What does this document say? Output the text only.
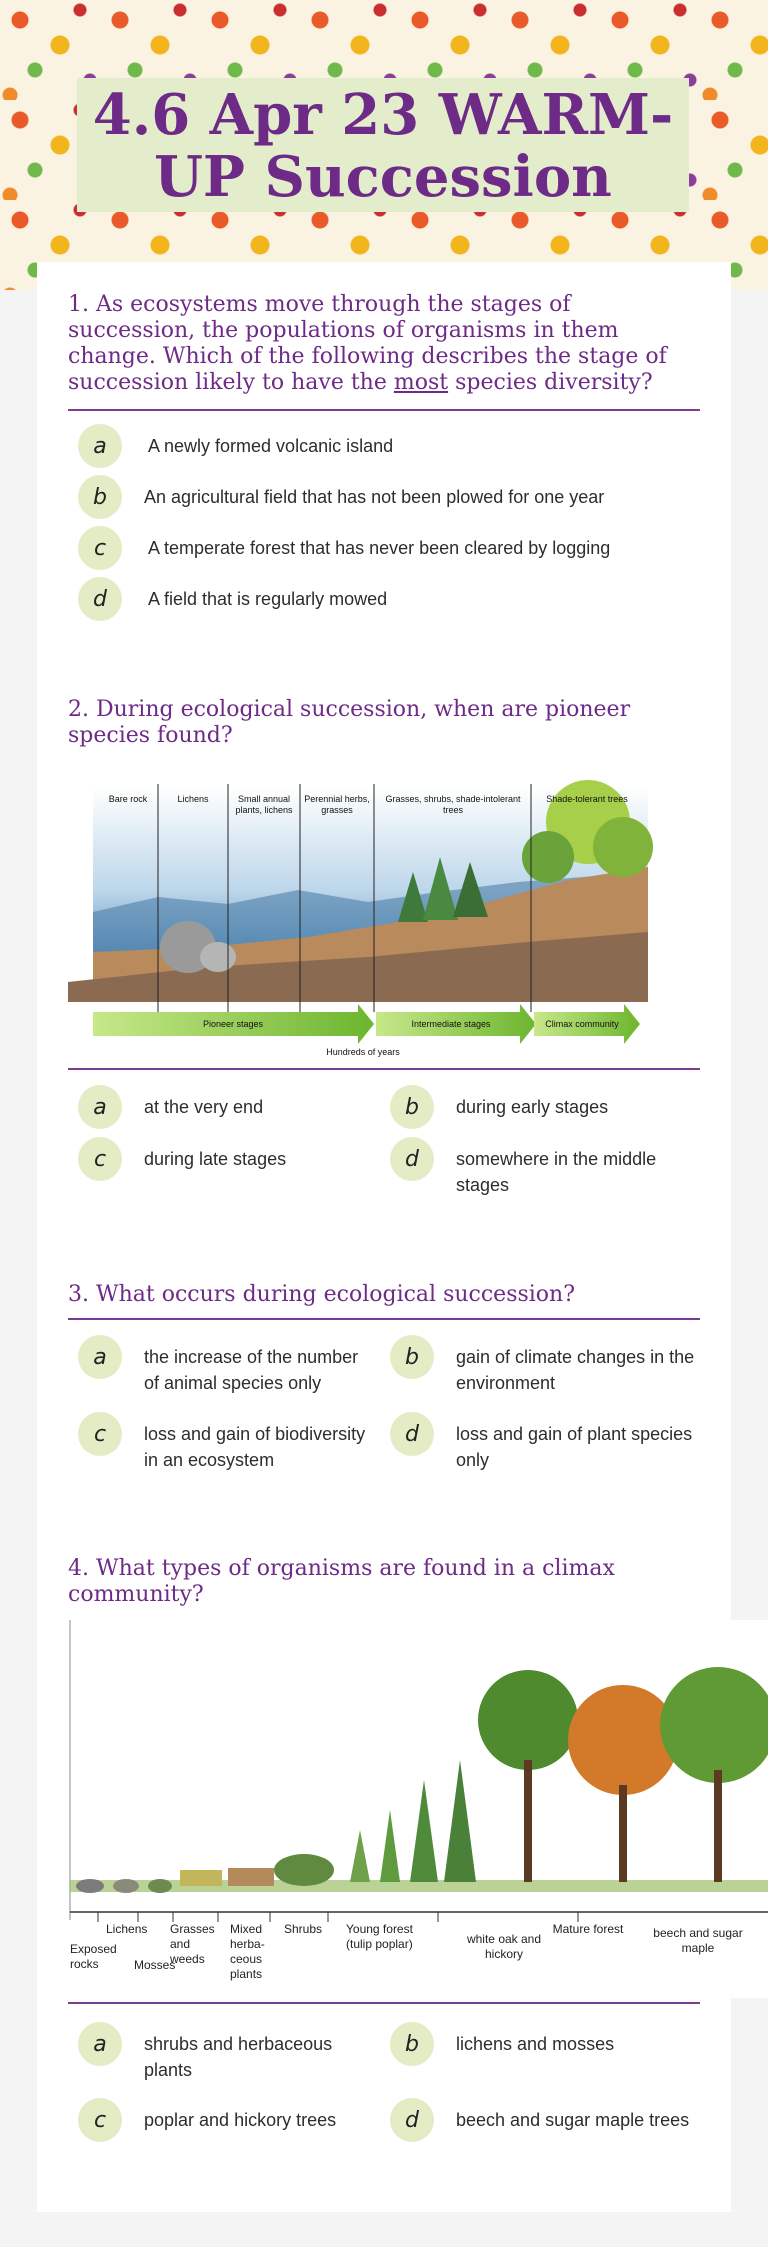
4.6 Apr 23 WARM-UP Succession

1. As ecosystems move through the stages of succession, the populations of organisms in them change. Which of the following describes the stage of succession likely to have the most species diversity?

a	A newly formed volcanic island
b	An agricultural field that has not been plowed for one year
c	A temperate forest that has never been cleared by logging
d	A field that is regularly mowed

2. During ecological succession, when are pioneer species found?

Bare rock	Lichens	Small annual plants, lichens
Perennial herbs, grasses
Grasses, shrubs, shade-intolerant trees
Shade-tolerant trees
Pioneer stages	Intermediate stages	Climax community
Hundreds of years
a	at the very end	b	during early stages
c	during late stages	d	somewhere in the middle stages

3. What occurs during ecological succession?

a	the increase of the number of animal species only
b	gain of climate changes in the environment
c	loss and gain of biodiversity in an ecosystem
d	loss and gain of plant species only

4. What types of organisms are found in a climax community?

Exposed rocks
Lichens
Mosses
Grasses and weeds
Mixed herba-ceous plants
Shrubs	Young forest (tulip poplar)	white oak and hickory
Mature forest	beech and sugar maple
a	shrubs and herbaceous plants
b	lichens and mosses
c	poplar and hickory trees	d	beech and sugar maple trees
